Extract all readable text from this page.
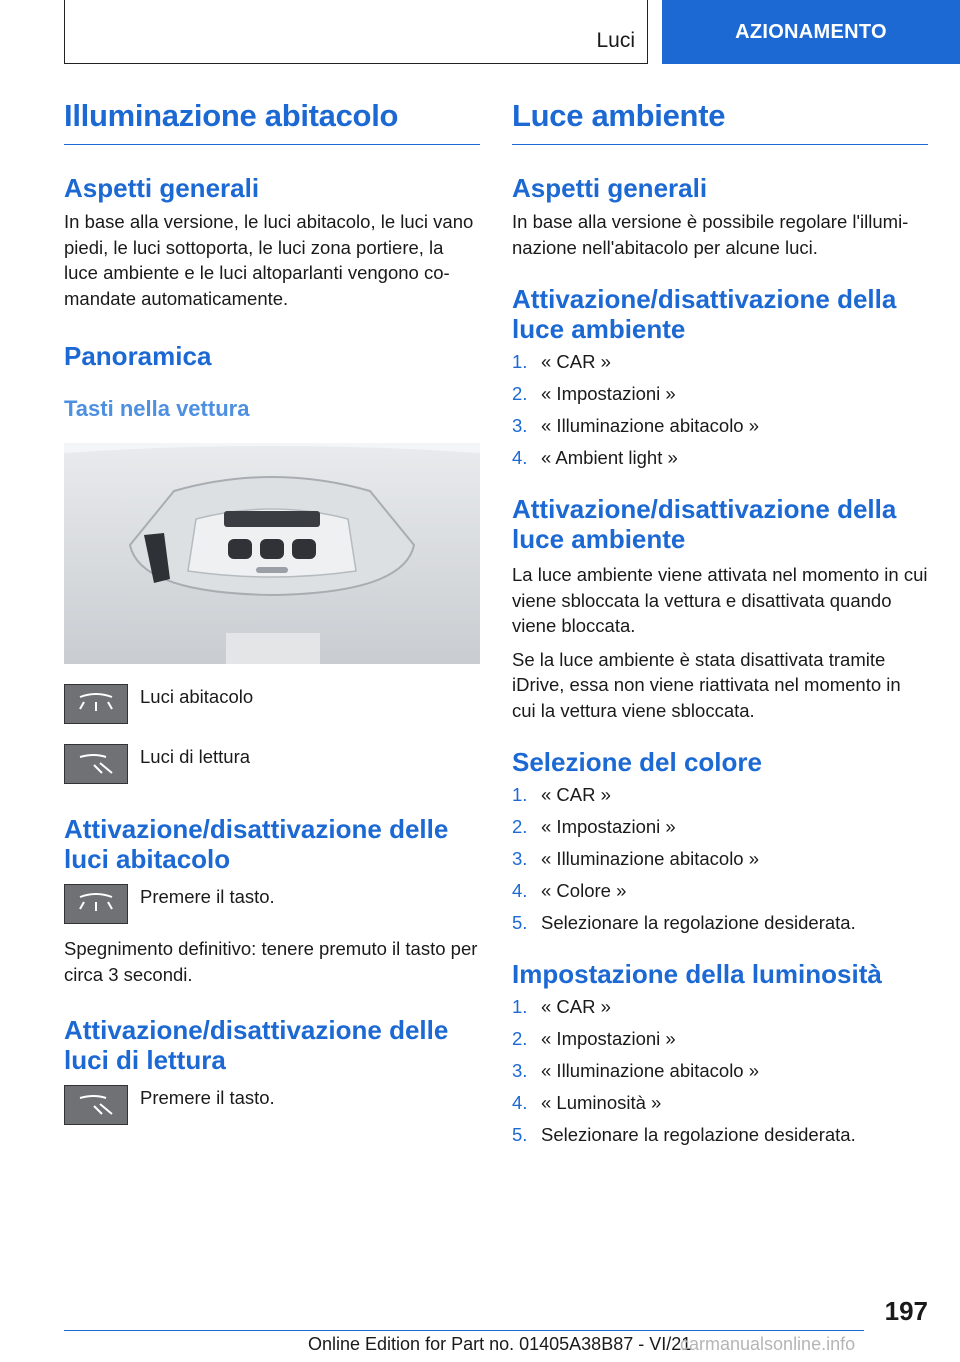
Luci	AZIONAMENTO
Illuminazione abitacolo
Aspetti generali

In base alla versione, le luci abitacolo, le luci vano piedi, le luci sottoporta, le luci zona portiere, la luce ambiente e le luci altoparlanti vengono co-mandate automaticamente.

Panoramica
Tasti nella vettura

Luci abitacolo

Luci di lettura

Attivazione/disattivazione delle luci abitacolo

Premere il tasto.

Spegnimento definitivo: tenere premuto il tasto per circa 3 secondi.

Attivazione/disattivazione delle luci di lettura

Premere il tasto.

Luce ambiente
Aspetti generali

In base alla versione è possibile regolare l'illumi-nazione nell'abitacolo per alcune luci.

Attivazione/disattivazione della luce ambiente
1. « CAR »
2. « Impostazioni »
3. « Illuminazione abitacolo »
4. « Ambient light »
Attivazione/disattivazione della luce ambiente

La luce ambiente viene attivata nel momento in cui viene sbloccata la vettura e disattivata quando viene bloccata.

Se la luce ambiente è stata disattivata tramite iDrive, essa non viene riattivata nel momento in cui la vettura viene sbloccata.

Selezione del colore
1. « CAR »
2. « Impostazioni »
3. « Illuminazione abitacolo »
4. « Colore »
5. Selezionare la regolazione desiderata.
Impostazione della luminosità
1. « CAR »
2. « Impostazioni »
3. « Illuminazione abitacolo »
4. « Luminosità »
5. Selezionare la regolazione desiderata.
197
Online Edition for Part no. 01405A38B87 - VI/21
carmanualsonline.info
